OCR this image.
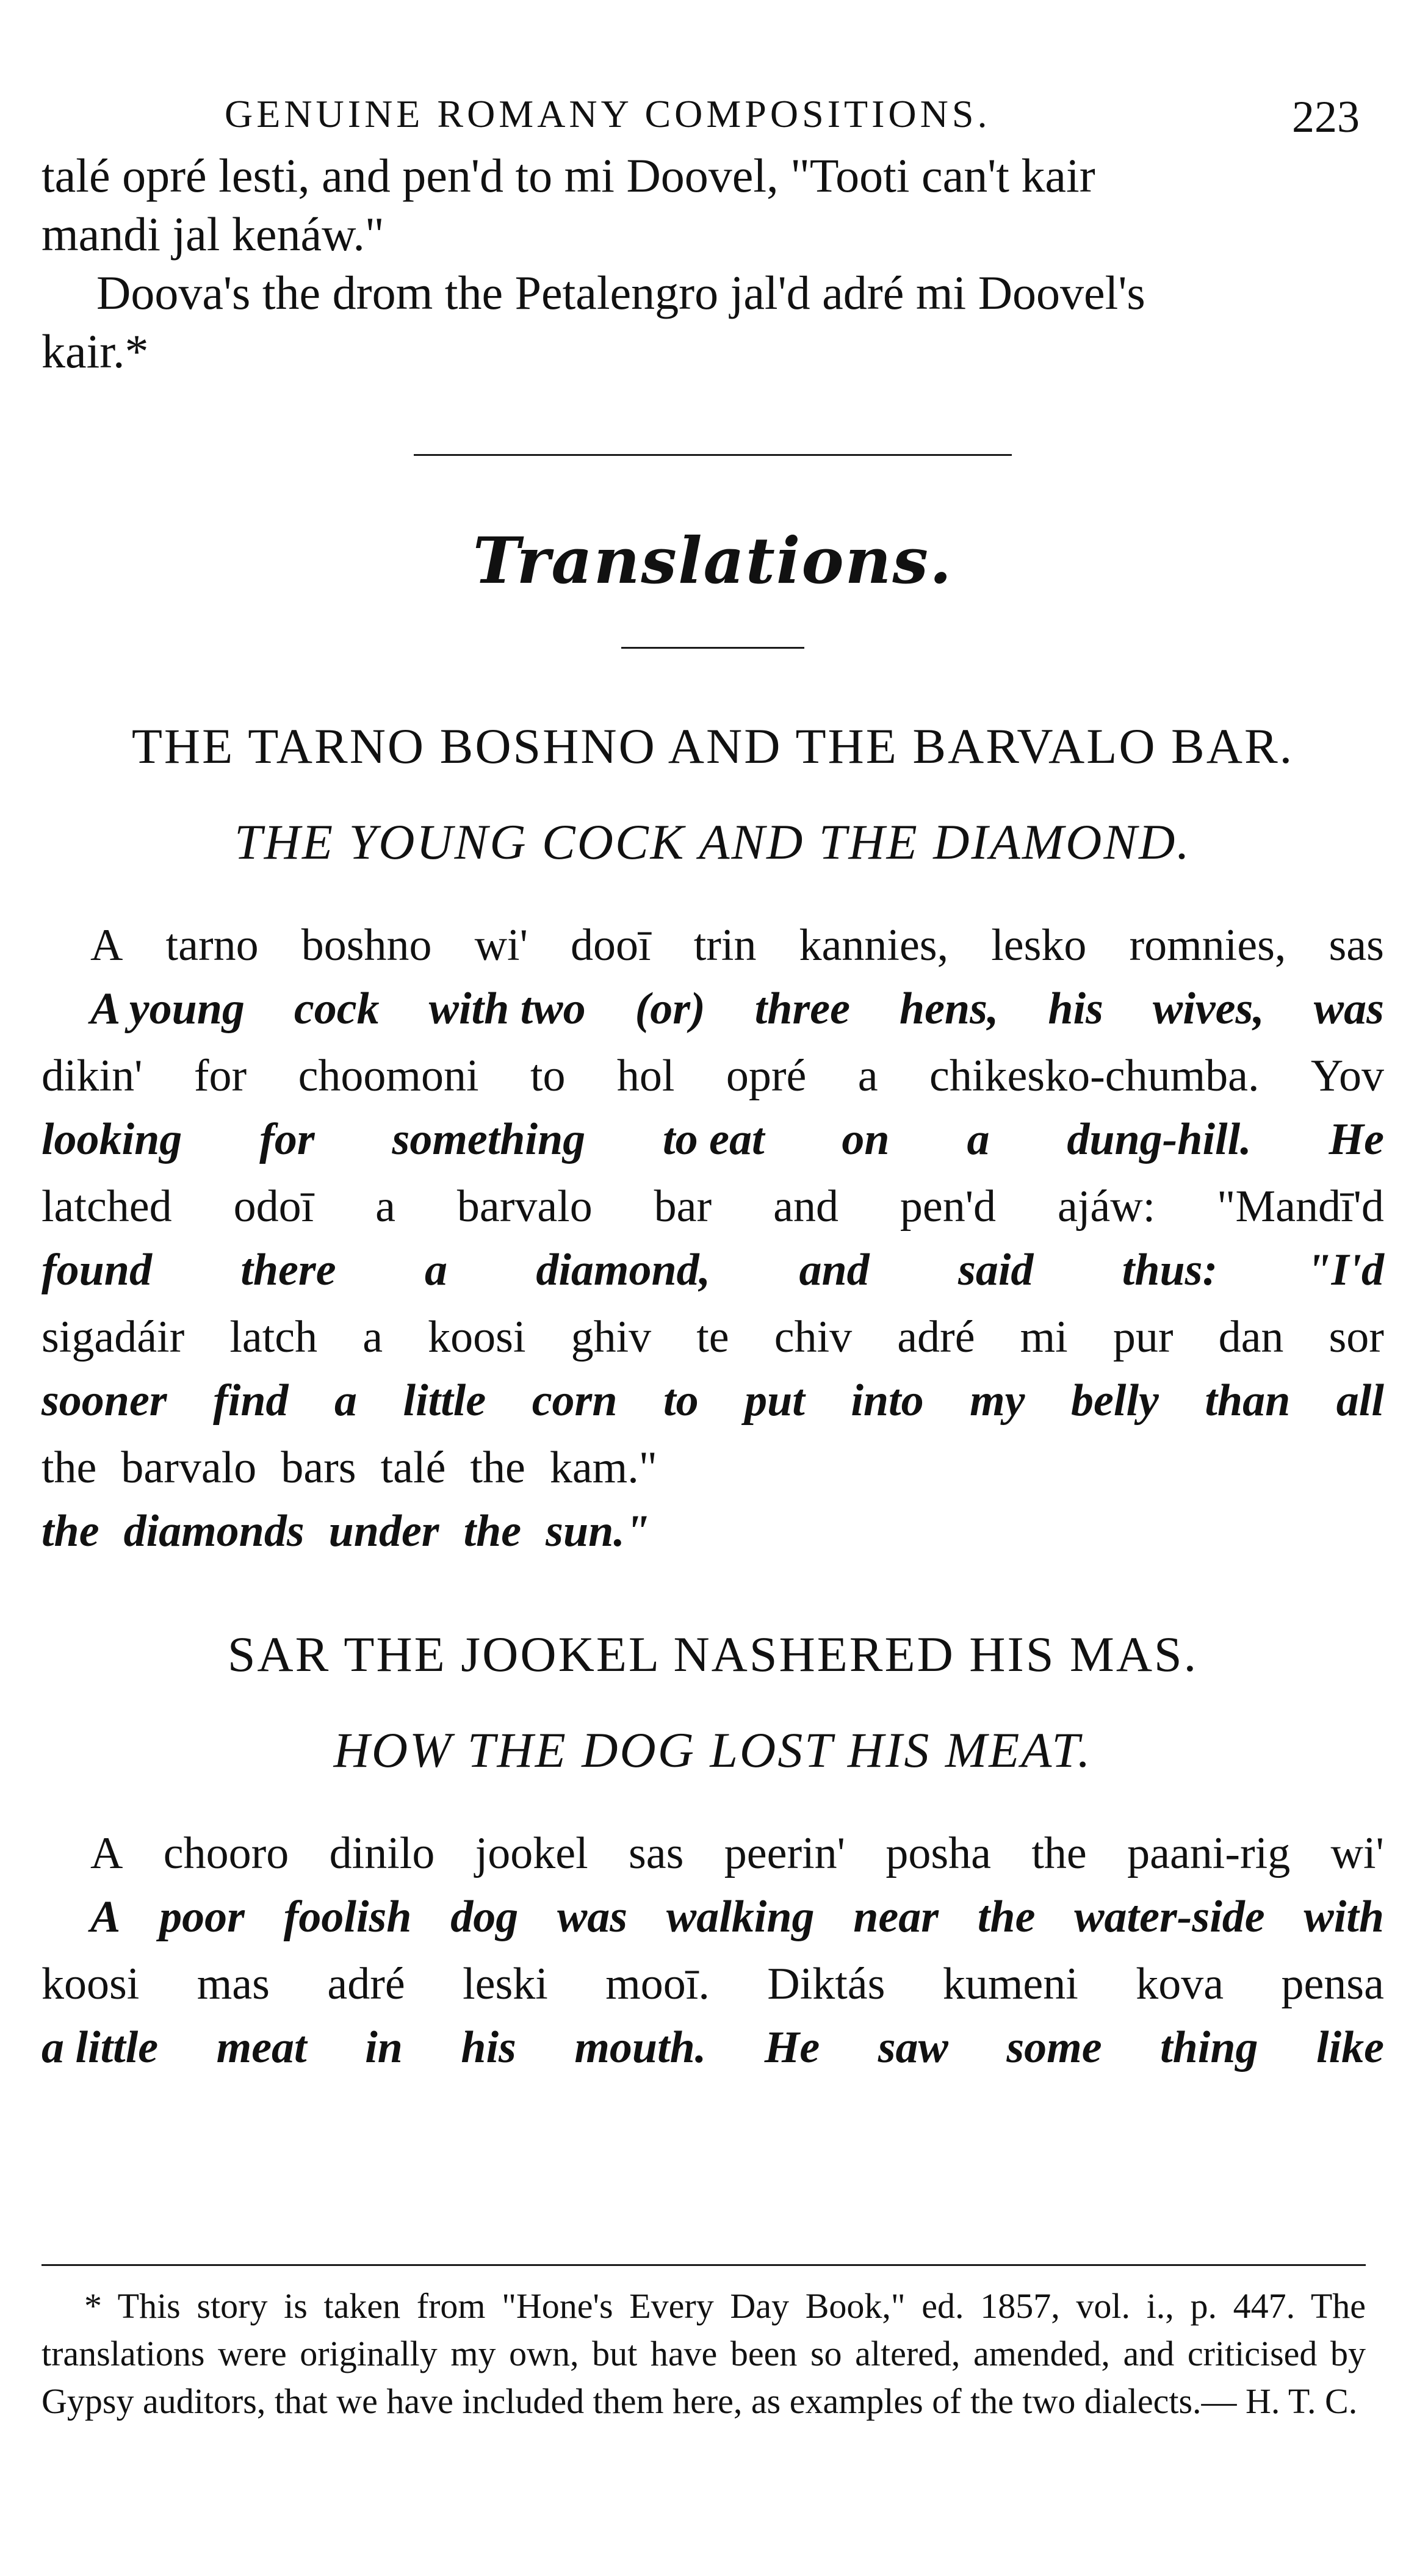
GENUINE ROMANY COMPOSITIONS.	223

talé opré lesti, and pen'd to mi Doovel, "Tooti can't kair

mandi jal kenáw."

Doova's the drom the Petalengro jal'd adré mi Doovel's

kair.*

Translations.
THE TARNO BOSHNO AND THE BARVALO BAR.
THE YOUNG COCK AND THE DIAMOND.
A tarno boshno wi' dooī trin kannies, lesko romnies, sas
A young cock with two (or) three hens, his wives, was
dikin' for choomoni to hol opré a chikesko-chumba. Yov
looking for something to eat on a dung-hill. He
latched odoī a barvalo bar and pen'd ajáw: "Mandī'd
found there a diamond, and said thus: "I'd
sigadáir latch a koosi ghiv te chiv adré mi pur dan sor
sooner find a little corn to put into my belly than all
the barvalo bars talé the kam."
the diamonds under the sun."
SAR THE JOOKEL NASHERED HIS MAS.
HOW THE DOG LOST HIS MEAT.
A chooro dinilo jookel sas peerin' posha the paani-rig wi'
A poor foolish dog was walking near the water-side with
koosi mas adré leski mooī. Diktás kumeni kova pensa
a little meat in his mouth. He saw some thing like
* This story is taken from "Hone's Every Day Book," ed. 1857, vol. i., p. 447. The translations were originally my own, but have been so altered, amended, and criticised by Gypsy auditors, that we have included them here, as examples of the two dialects.— H. T. C.
